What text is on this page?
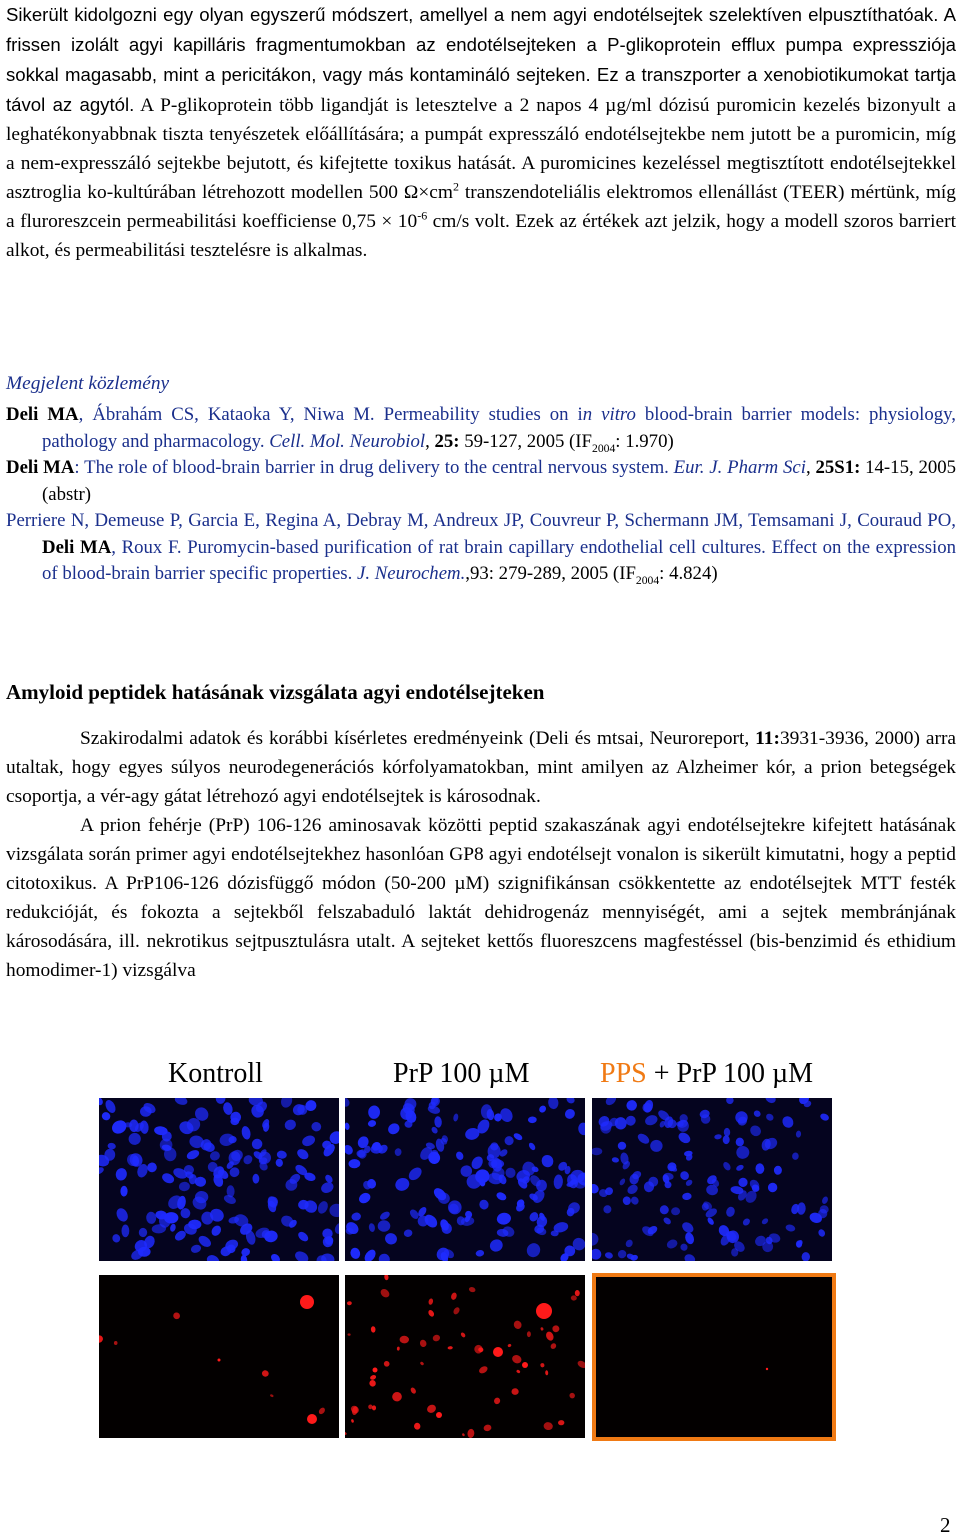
Sikerült kidolgozni egy olyan egyszerű módszert, amellyel a nem agyi endotélsejtek szelektíven elpusztíthatóak. A frissen izolált agyi kapilláris fragmentumokban az endotélsejteken a P-glikoprotein efflux pumpa expressziója sokkal magasabb, mint a pericitákon, vagy más kontamináló sejteken. Ez a transzporter a xenobiotikumokat tartja távol az agytól. A P-glikoprotein több ligandját is letesztelve a 2 napos 4 µg/ml dózisú puromicin kezelés bizonyult a leghatékonyabbnak tiszta tenyészetek előállítására; a pumpát expresszáló endotélsejtekbe nem jutott be a puromicin, míg a nem-expresszáló sejtekbe bejutott, és kifejtette toxikus hatását. A puromicines kezeléssel megtisztított endotélsejtekkel asztroglia ko-kultúrában létrehozott modellen 500 $\Omega\times cm^2$ transzendoteliális elektromos ellenállást (TEER) mértünk, míg a fluroreszcein permeabilitási koefficiense $0,75 \times 10^{-6}$ cm/s volt. Ezek az értékek azt jelzik, hogy a modell szoros barriert alkot, és permeabilitási tesztelésre is alkalmas.

Megjelent közlemény

Deli MA, Ábrahám CS, Kataoka Y, Niwa M. Permeability studies on in vitro blood-brain barrier models: physiology, pathology and pharmacology. Cell. Mol. Neurobiol, 25: 59-127, 2005 ($IF_{2004}$: 1.970)

Deli MA: The role of blood-brain barrier in drug delivery to the central nervous system. Eur. J. Pharm Sci, 25S1: 14-15, 2005 (abstr)

Perriere N, Demeuse P, Garcia E, Regina A, Debray M, Andreux JP, Couvreur P, Schermann JM, Temsamani J, Couraud PO, Deli MA, Roux F. Puromycin-based purification of rat brain capillary endothelial cell cultures. Effect on the expression of blood-brain barrier specific properties. J. Neurochem.,93: 279-289, 2005 ($IF_{2004}$: 4.824)

Amyloid peptidek hatásának vizsgálata agyi endotélsejteken

Szakirodalmi adatok és korábbi kísérletes eredményeink (Deli és mtsai, Neuroreport, 11:3931-3936, 2000) arra utaltak, hogy egyes súlyos neurodegenerációs kórfolyamatokban, mint amilyen az Alzheimer kór, a prion betegségek csoportja, a vér-agy gátat létrehozó agyi endotélsejtek is károsodnak.

A prion fehérje (PrP) 106-126 aminosavak közötti peptid szakaszának agyi endotélsejtekre kifejtett hatásának vizsgálata során primer agyi endotélsejtekhez hasonlóan GP8 agyi endotélsejt vonalon is sikerült kimutatni, hogy a peptid citotoxikus. A PrP106-126 dózisfüggő módon (50-200 µM) szignifikánsan csökkentette az endotélsejtek MTT festék redukcióját, és fokozta a sejtekből felszabaduló laktát dehidrogenáz mennyiségét, ami a sejtek membránjának károsodására, ill. nekrotikus sejtpusztulásra utalt. A sejteket kettős fluoreszcens magfestéssel (bis-benzimid és ethidium homodimer-1) vizsgálva

Kontroll	PrP 100 µM	PPS + PrP 100 µM
2
